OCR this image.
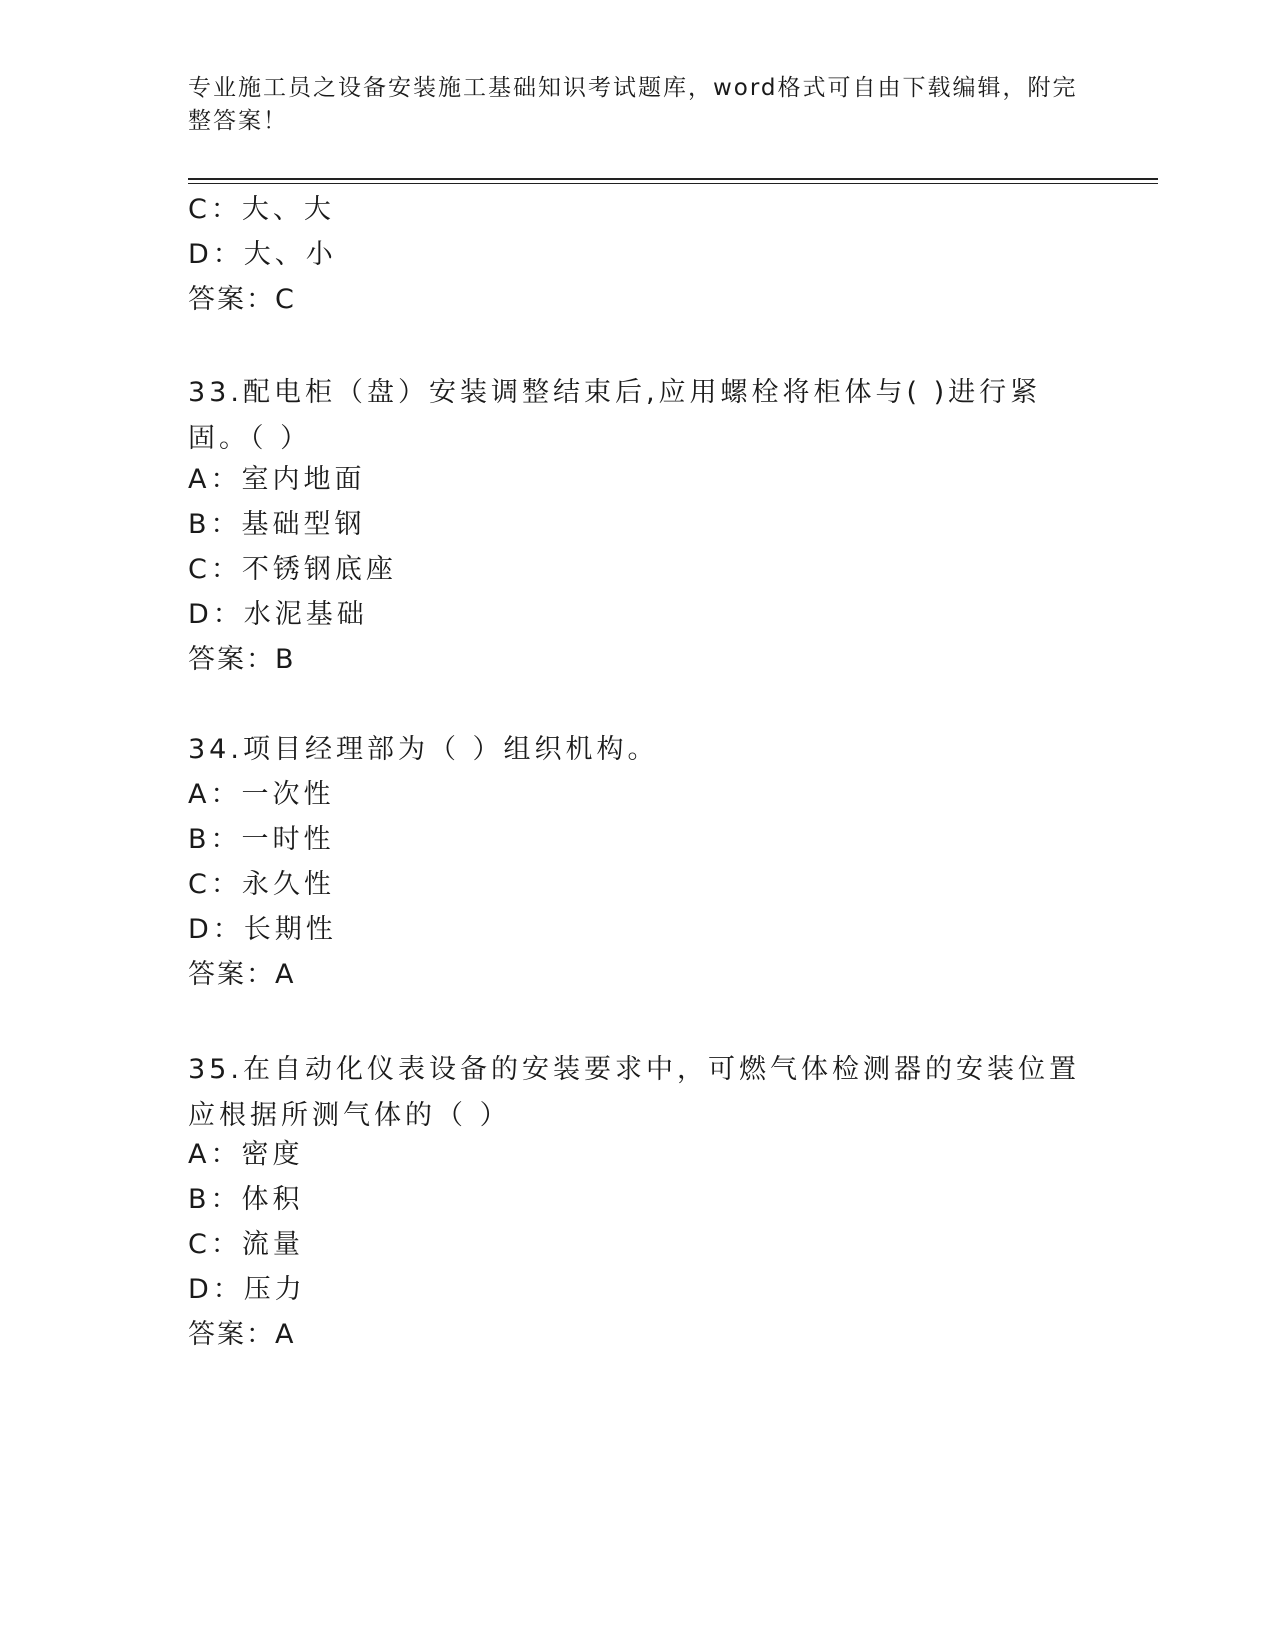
专业施工员之设备安装施工基础知识考试题库，word格式可自由下载编辑，附完整答案！
C：大、大
D：大、小
答案：C
33.配电柜（盘）安装调整结束后,应用螺栓将柜体与( )进行紧固。（ ）
A：室内地面
B：基础型钢
C：不锈钢底座
D：水泥基础
答案：B
34.项目经理部为（ ）组织机构。
A：一次性
B：一时性
C：永久性
D：长期性
答案：A
35.在自动化仪表设备的安装要求中，可燃气体检测器的安装位置应根据所测气体的（ ）
A：密度
B：体积
C：流量
D：压力
答案：A
